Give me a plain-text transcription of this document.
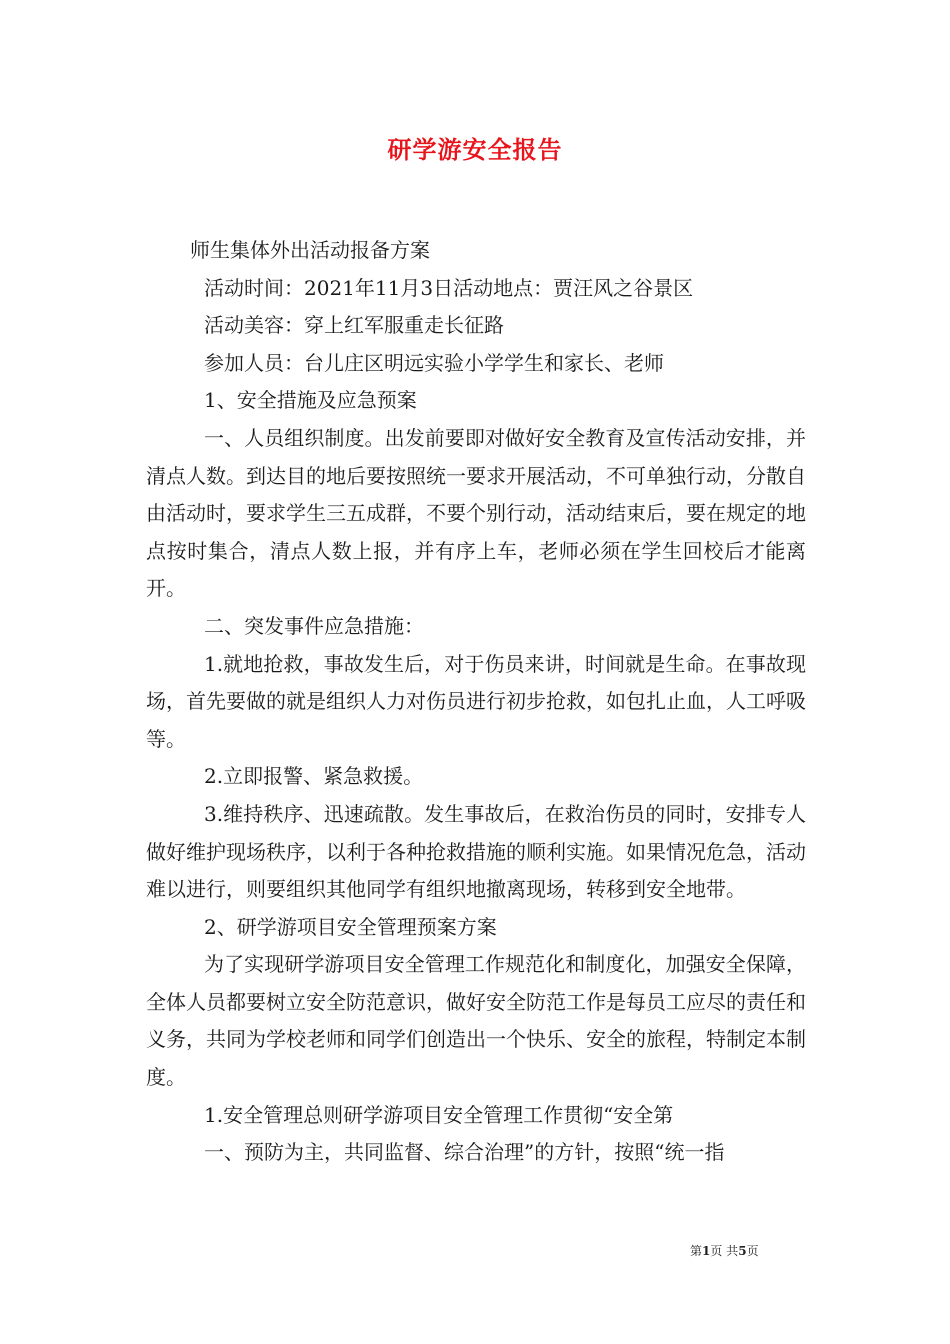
研学游安全报告

师生集体外出活动报备方案

活动时间：2021年11月3日活动地点：贾汪风之谷景区

活动美容：穿上红军服重走长征路

参加人员：台儿庄区明远实验小学学生和家长、老师

1、安全措施及应急预案

一、人员组织制度。出发前要即对做好安全教育及宣传活动安排，并清点人数。到达目的地后要按照统一要求开展活动，不可单独行动，分散自由活动时，要求学生三五成群，不要个别行动，活动结束后，要在规定的地点按时集合，清点人数上报，并有序上车，老师必须在学生回校后才能离开。

二、突发事件应急措施：

1.就地抢救，事故发生后，对于伤员来讲，时间就是生命。在事故现场，首先要做的就是组织人力对伤员进行初步抢救，如包扎止血，人工呼吸等。

2.立即报警、紧急救援。

3.维持秩序、迅速疏散。发生事故后，在救治伤员的同时，安排专人做好维护现场秩序，以利于各种抢救措施的顺利实施。如果情况危急，活动难以进行，则要组织其他同学有组织地撤离现场，转移到安全地带。

2、研学游项目安全管理预案方案

为了实现研学游项目安全管理工作规范化和制度化，加强安全保障，全体人员都要树立安全防范意识，做好安全防范工作是每员工应尽的责任和义务，共同为学校老师和同学们创造出一个快乐、安全的旅程，特制定本制度。

1.安全管理总则研学游项目安全管理工作贯彻“安全第

一、预防为主，共同监督、综合治理”的方针，按照“统一指

第1页 共5页
